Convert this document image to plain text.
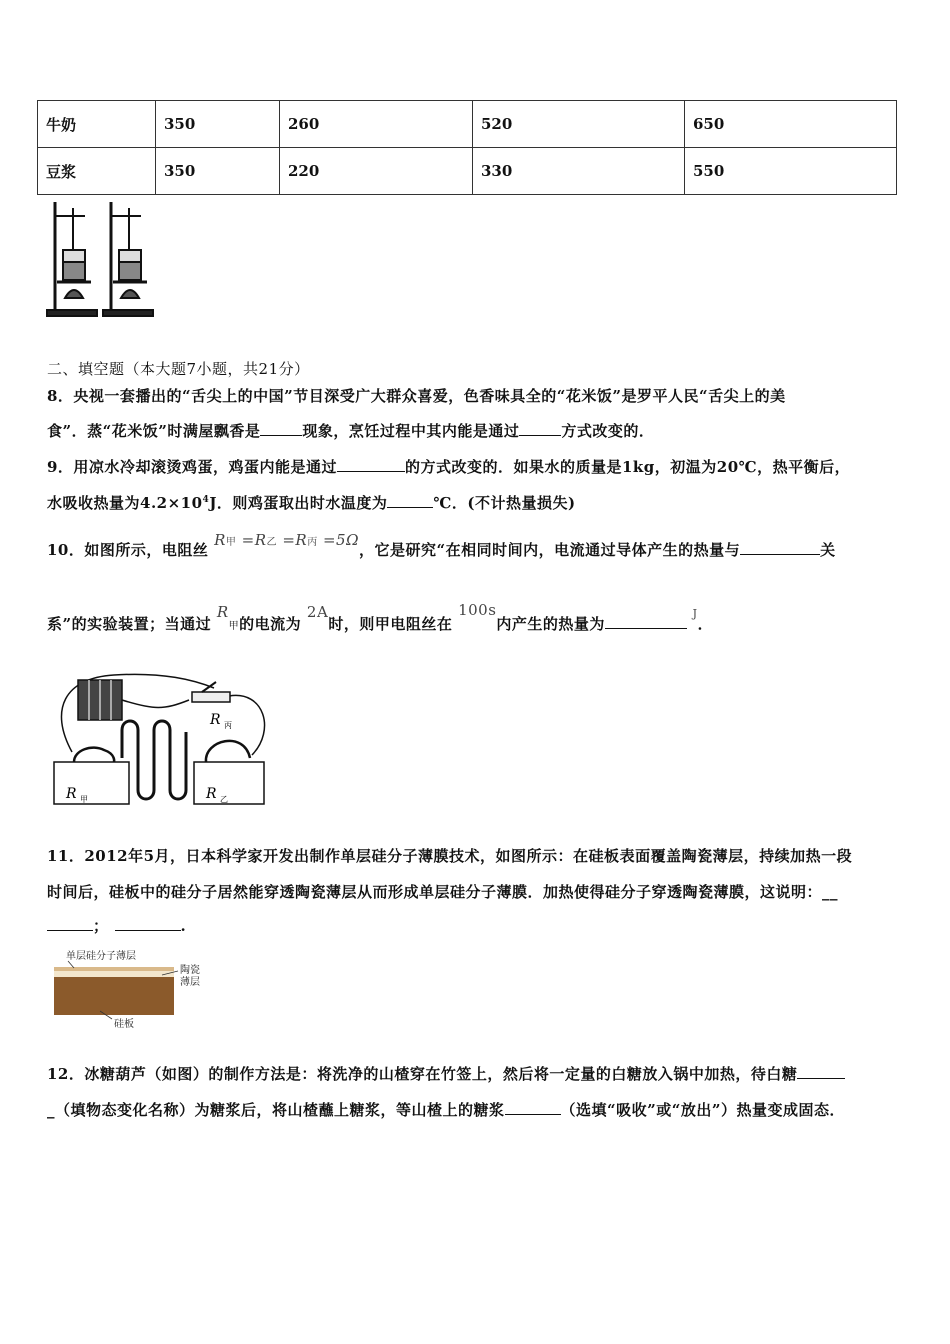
牛奶	350	260	520	650
豆浆	350	220	330	550
二、填空题（本大题7小题，共21分）
8．央视一套播出的“舌尖上的中国”节目深受广大群众喜爱，色香味具全的“花米饭”是罗平人民“舌尖上的美
食”．蒸“花米饭”时满屋飘香是	现象，烹饪过程中其内能是通过	方式改变的．
9．用凉水冷却滚烫鸡蛋，鸡蛋内能是通过	的方式改变的．如果水的质量是1kg，初温为20℃，热平衡后，
水吸收热量为$4.2\times 10^4J$．则鸡蛋取出时水温度为	℃．(不计热量损失)
10．如图所示，电阻丝 R甲 =R乙 =R丙 =5Ω，它是研究“在相同时间内，电流通过导体产生的热量与	关
系”的实验装置；当通过 R甲的电流为 2A时，则甲电阻丝在 100s内产生的热量为 $^J$．
R 丙
R 甲	R 乙
11．2012年5月，日本科学家开发出制作单层硅分子薄膜技术，如图所示：在硅板表面覆盖陶瓷薄层，持续加热一段
时间后，硅板中的硅分子居然能穿透陶瓷薄层从而形成单层硅分子薄膜．加热使得硅分子穿透陶瓷薄膜，这说明：__
；	.
单层硅分子薄层
陶瓷
薄层
硅板
12．冰糖葫芦（如图）的制作方法是：将洗净的山楂穿在竹签上，然后将一定量的白糖放入锅中加热，待白糖
_（填物态变化名称）为糖浆后，将山楂蘸上糖浆，等山楂上的糖浆	（选填“吸收”或“放出”）热量变成固态．
